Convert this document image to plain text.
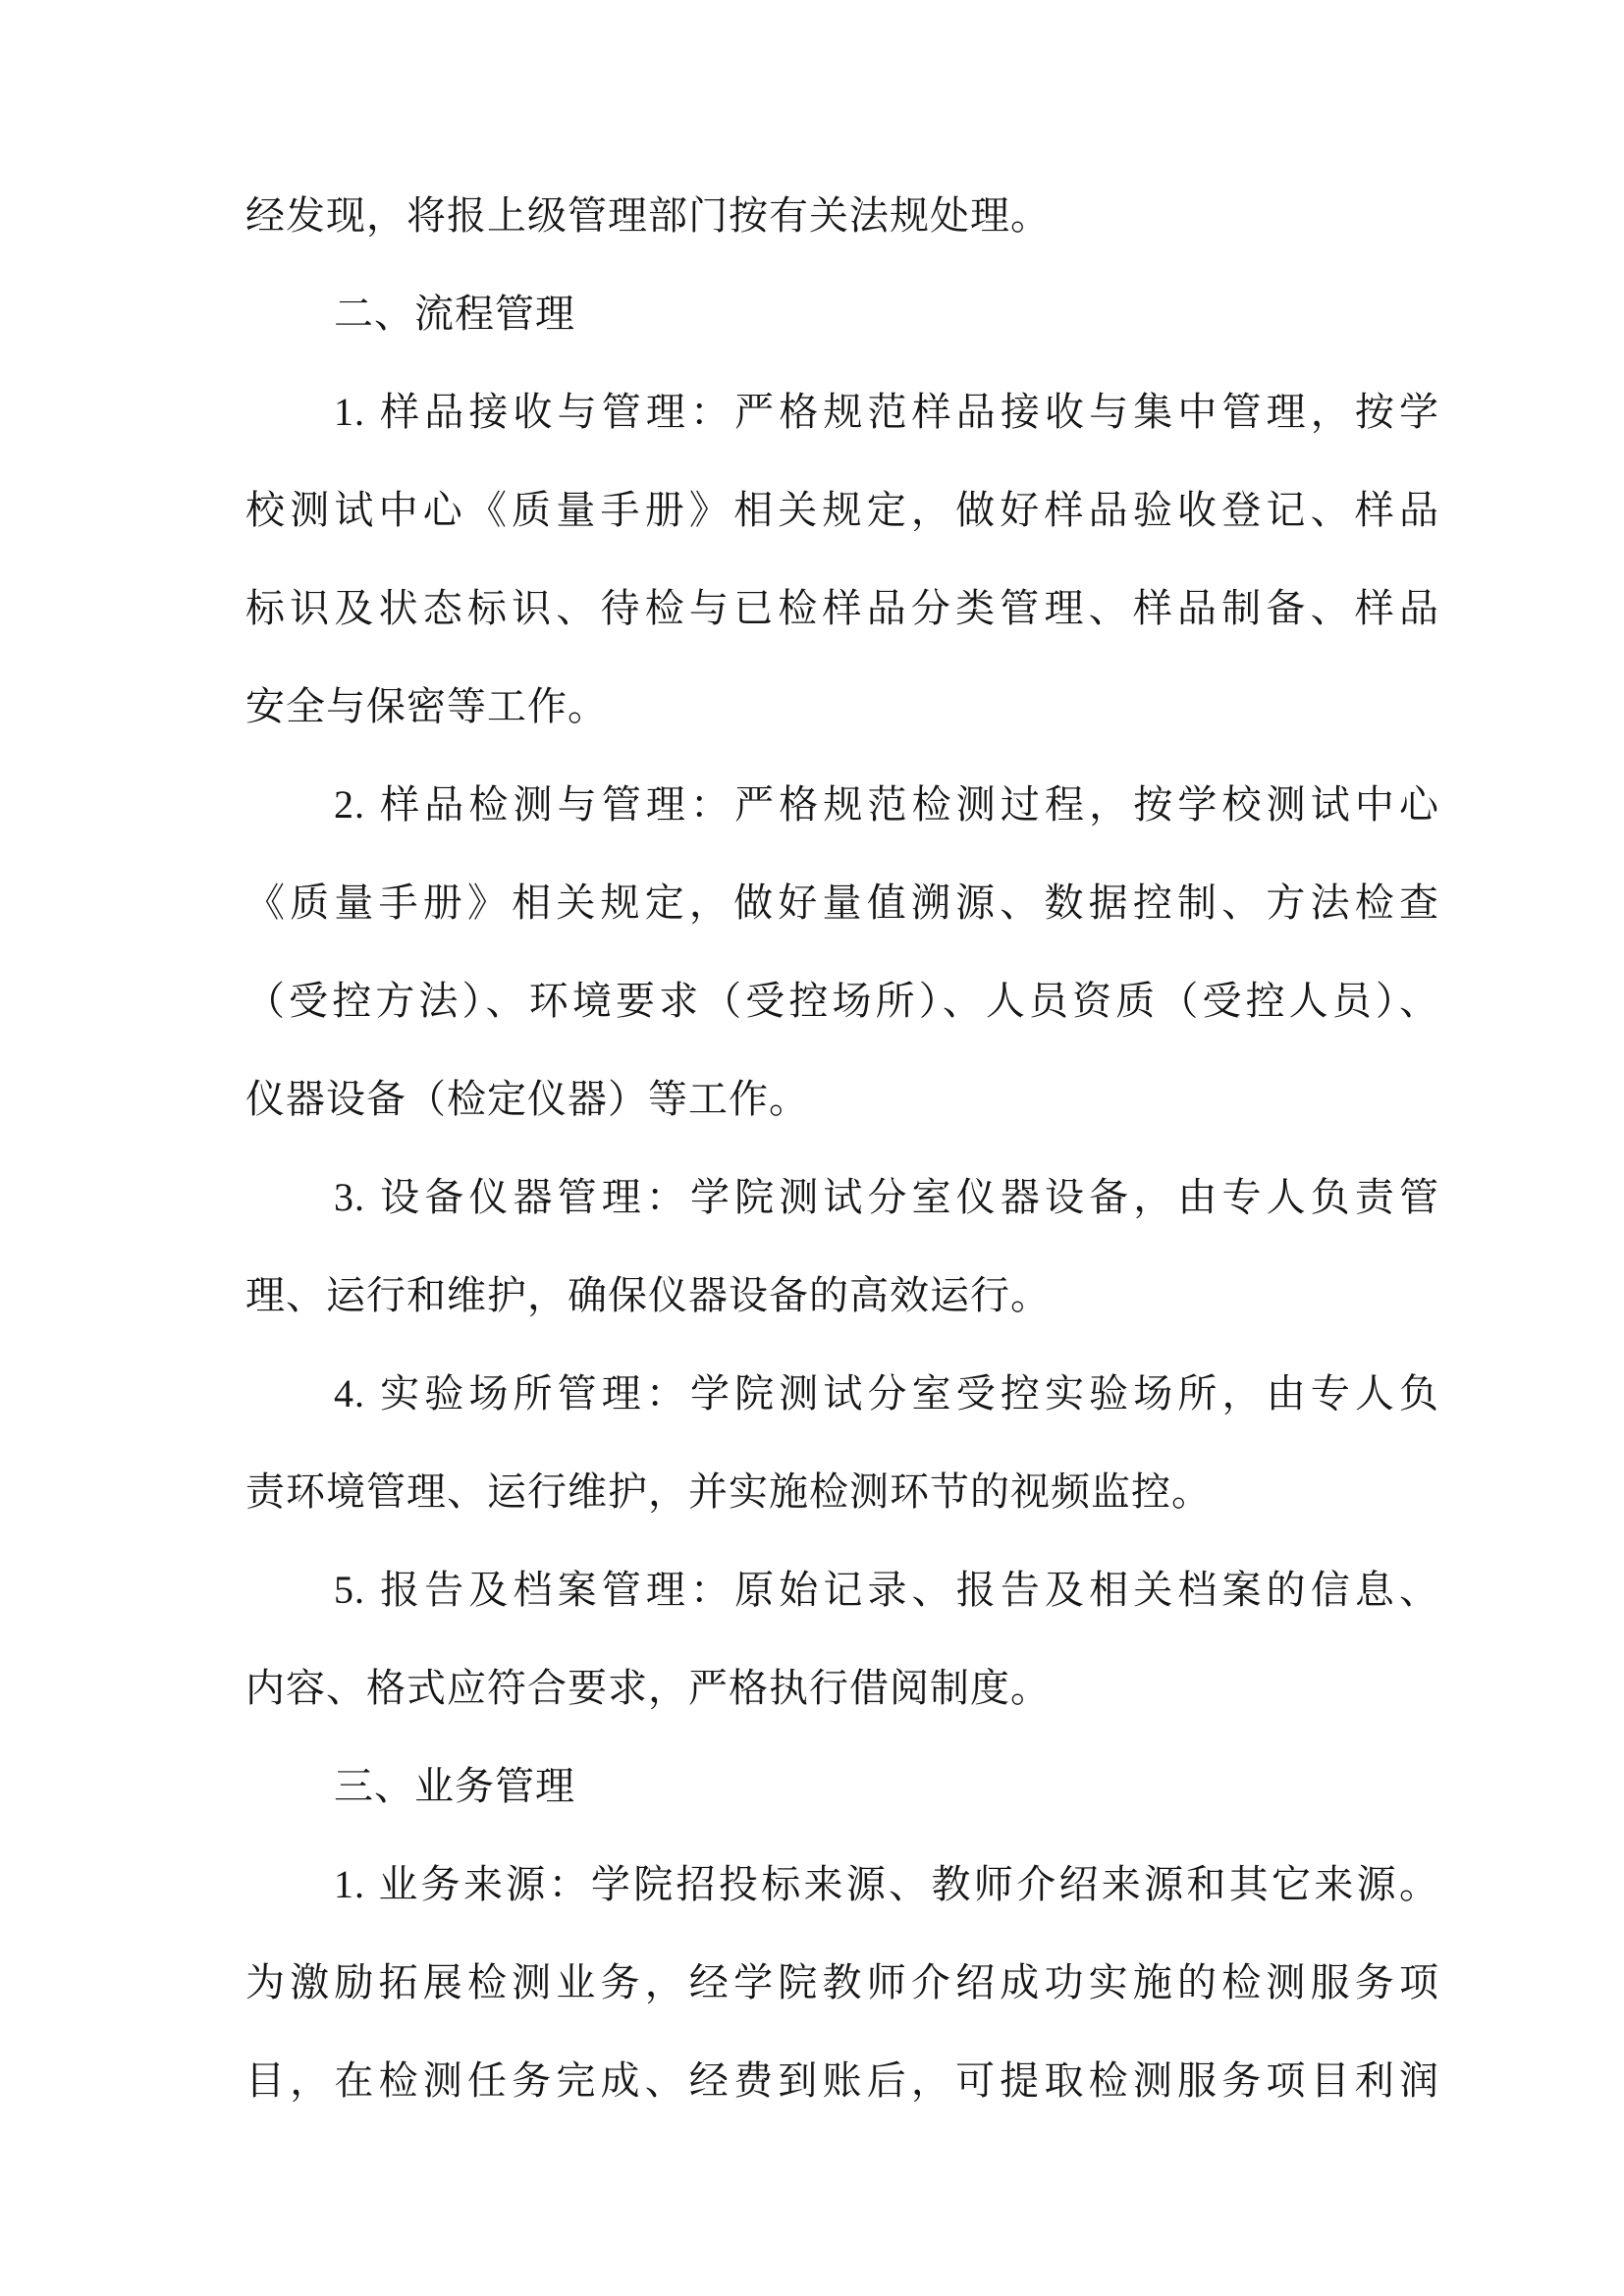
经发现，将报上级管理部门按有关法规处理。
二、流程管理
1. 样品接收与管理：严格规范样品接收与集中管理，按学
校测试中心《质量手册》相关规定，做好样品验收登记、样品
标识及状态标识、待检与已检样品分类管理、样品制备、样品
安全与保密等工作。
2. 样品检测与管理：严格规范检测过程，按学校测试中心
《质量手册》相关规定，做好量值溯源、数据控制、方法检查
（受控方法）、环境要求（受控场所）、人员资质（受控人员）、
仪器设备（检定仪器）等工作。
3. 设备仪器管理：学院测试分室仪器设备，由专人负责管
理、运行和维护，确保仪器设备的高效运行。
4. 实验场所管理：学院测试分室受控实验场所，由专人负
责环境管理、运行维护，并实施检测环节的视频监控。
5. 报告及档案管理：原始记录、报告及相关档案的信息、
内容、格式应符合要求，严格执行借阅制度。
三、业务管理
1. 业务来源：学院招投标来源、教师介绍来源和其它来源。
为激励拓展检测业务，经学院教师介绍成功实施的检测服务项
目，在检测任务完成、经费到账后，可提取检测服务项目利润
